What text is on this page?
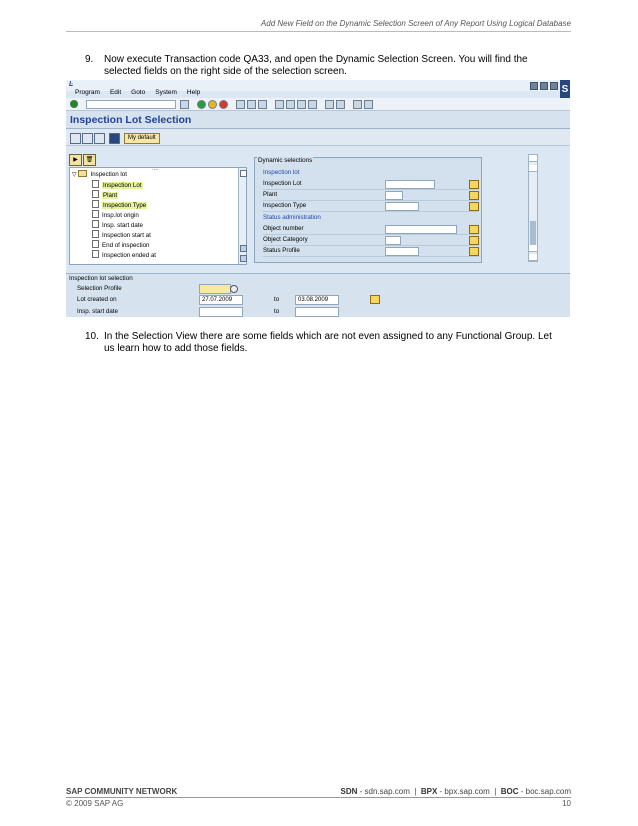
Add New Field on the Dynamic Selection Screen of Any Report Using Logical Database
9. Now execute Transaction code QA33, and open the Dynamic Selection Screen. You will find the selected fields on the right side of the selection screen.
Ŀ	S
Program Edit Goto System Help
Inspection Lot Selection
My default
▶	🗑
....
▽ Inspection lot
Inspection Lot
Plant
Inspection Type
Insp.lot origin
Insp. start date
Inspection start at
End of inspection
Inspection ended at
Dynamic selections
Inspection lot
Inspection Lot
Plant
Inspection Type
Status administration
Object number
Object Category
Status Profile
Inspection lot selection
Selection Profile
Lot created on	27.07.2009	to	03.08.2009
Insp. start date	to
10. In the Selection View there are some fields which are not even assigned to any Functional Group. Let us learn how to add those fields.
SAP COMMUNITY NETWORK	SDN - sdn.sap.com  |  BPX - bpx.sap.com  |  BOC - boc.sap.com
© 2009 SAP AG	10
